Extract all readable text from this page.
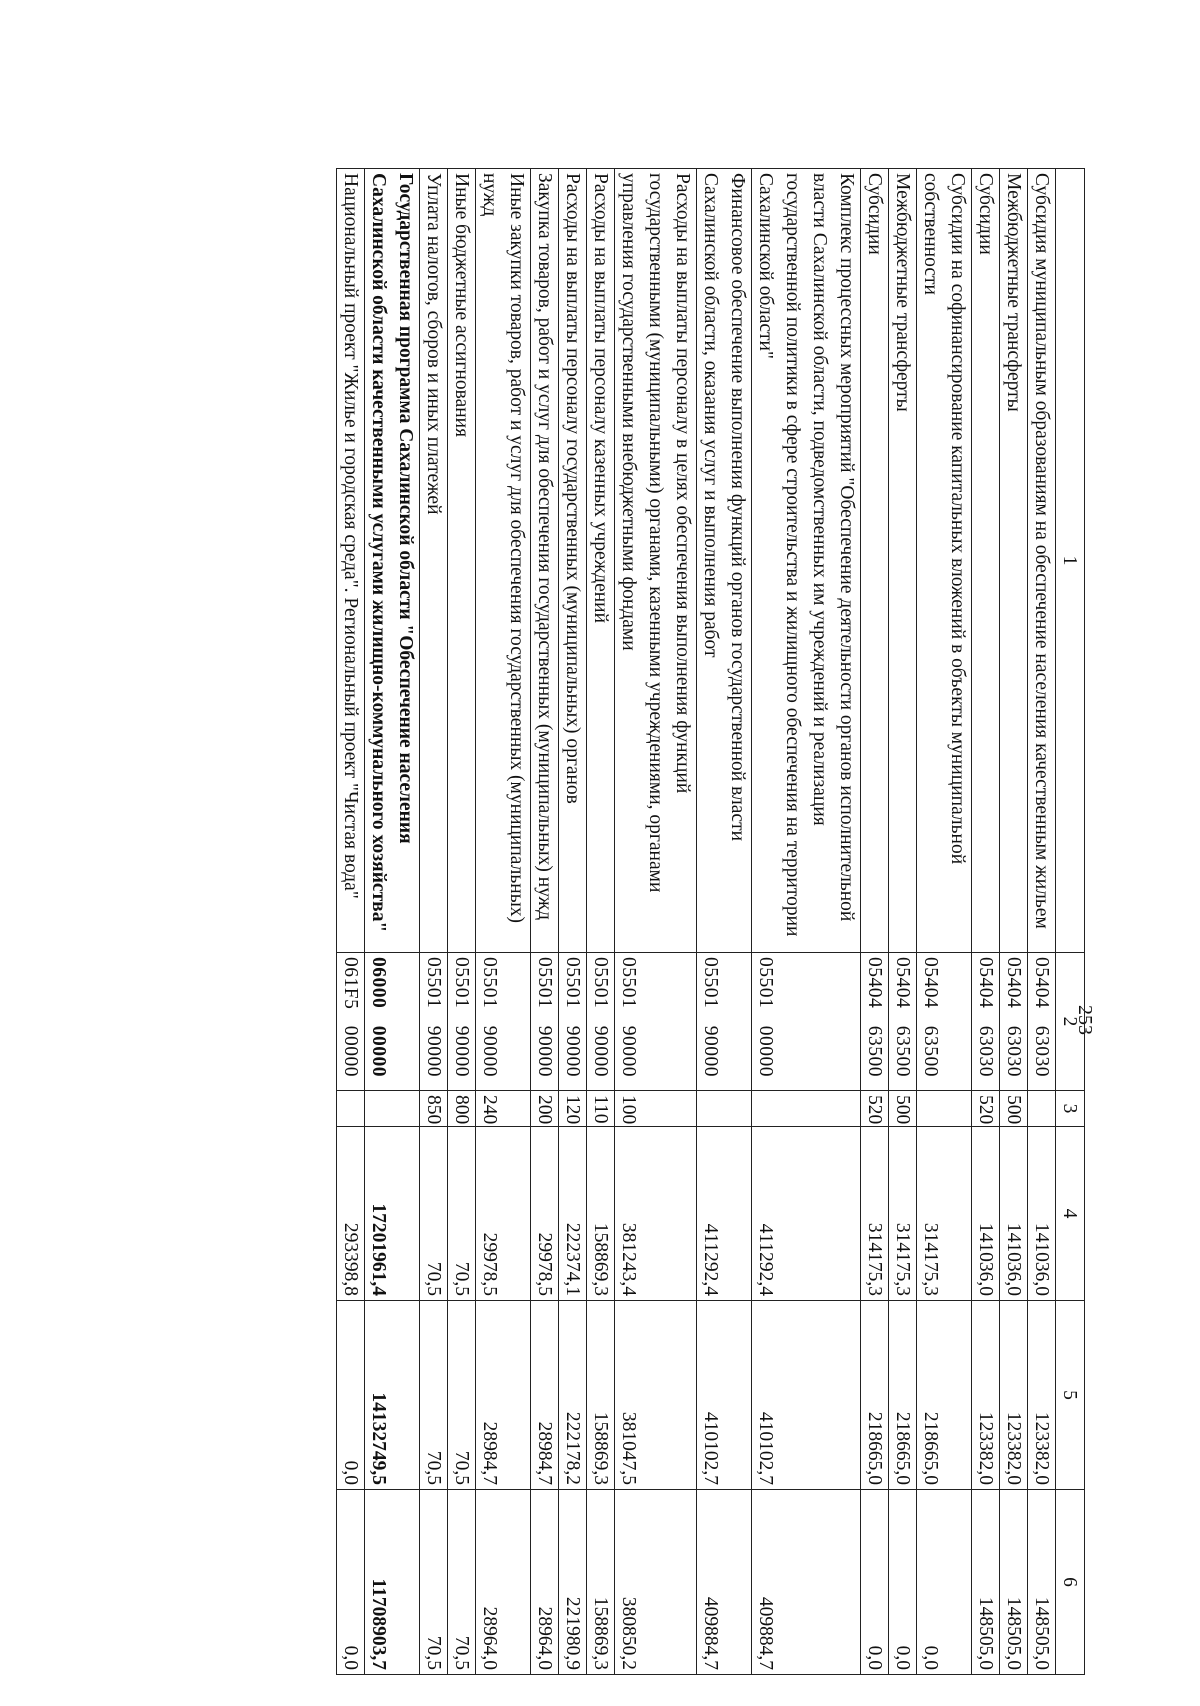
253
1	2	3	4	5	6
Субсидия муниципальным образованиям на обеспечение населения качественным жильем	0540463030		141036,0	123382,0	148505,0
Межбюджетные трансферты	0540463030	500	141036,0	123382,0	148505,0
Субсидии	0540463030	520	141036,0	123382,0	148505,0
Субсидии на софинансирование капитальных вложений в объекты муниципальной собственности	0540463500		314175,3	218665,0	0,0
Межбюджетные трансферты	0540463500	500	314175,3	218665,0	0,0
Субсидии	0540463500	520	314175,3	218665,0	0,0
Комплекс процессных мероприятий "Обеспечение деятельности органов исполнительной власти Сахалинской области, подведомственных им учреждений и реализация государственной политики в сфере строительства и жилищного обеспечения на территории Сахалинской области"	0550100000		411292,4	410102,7	409884,7
Финансовое обеспечение выполнения функций органов государственной власти Сахалинской области, оказания услуг и выполнения работ	0550190000		411292,4	410102,7	409884,7
Расходы на выплаты персоналу в целях обеспечения выполнения функций государственными (муниципальными) органами, казенными учреждениями, органами управления государственными внебюджетными фондами	0550190000	100	381243,4	381047,5	380850,2
Расходы на выплаты персоналу казенных учреждений	0550190000	110	158869,3	158869,3	158869,3
Расходы на выплаты персоналу государственных (муниципальных) органов	0550190000	120	222374,1	222178,2	221980,9
Закупка товаров, работ и услуг для обеспечения государственных (муниципальных) нужд	0550190000	200	29978,5	28984,7	28964,0
Иные закупки товаров, работ и услуг для обеспечения государственных (муниципальных) нужд	0550190000	240	29978,5	28984,7	28964,0
Иные бюджетные ассигнования	0550190000	800	70,5	70,5	70,5
Уплата налогов, сборов и иных платежей	0550190000	850	70,5	70,5	70,5
Государственная программа Сахалинской области "Обеспечение населения Сахалинской области качественными услугами жилищно-коммунального хозяйства"	0600000000		17201961,4	14132749,5	11708903,7
Национальный проект "Жилье и городская среда". Региональный проект "Чистая вода"	061F500000		293398,8	0,0	0,0
